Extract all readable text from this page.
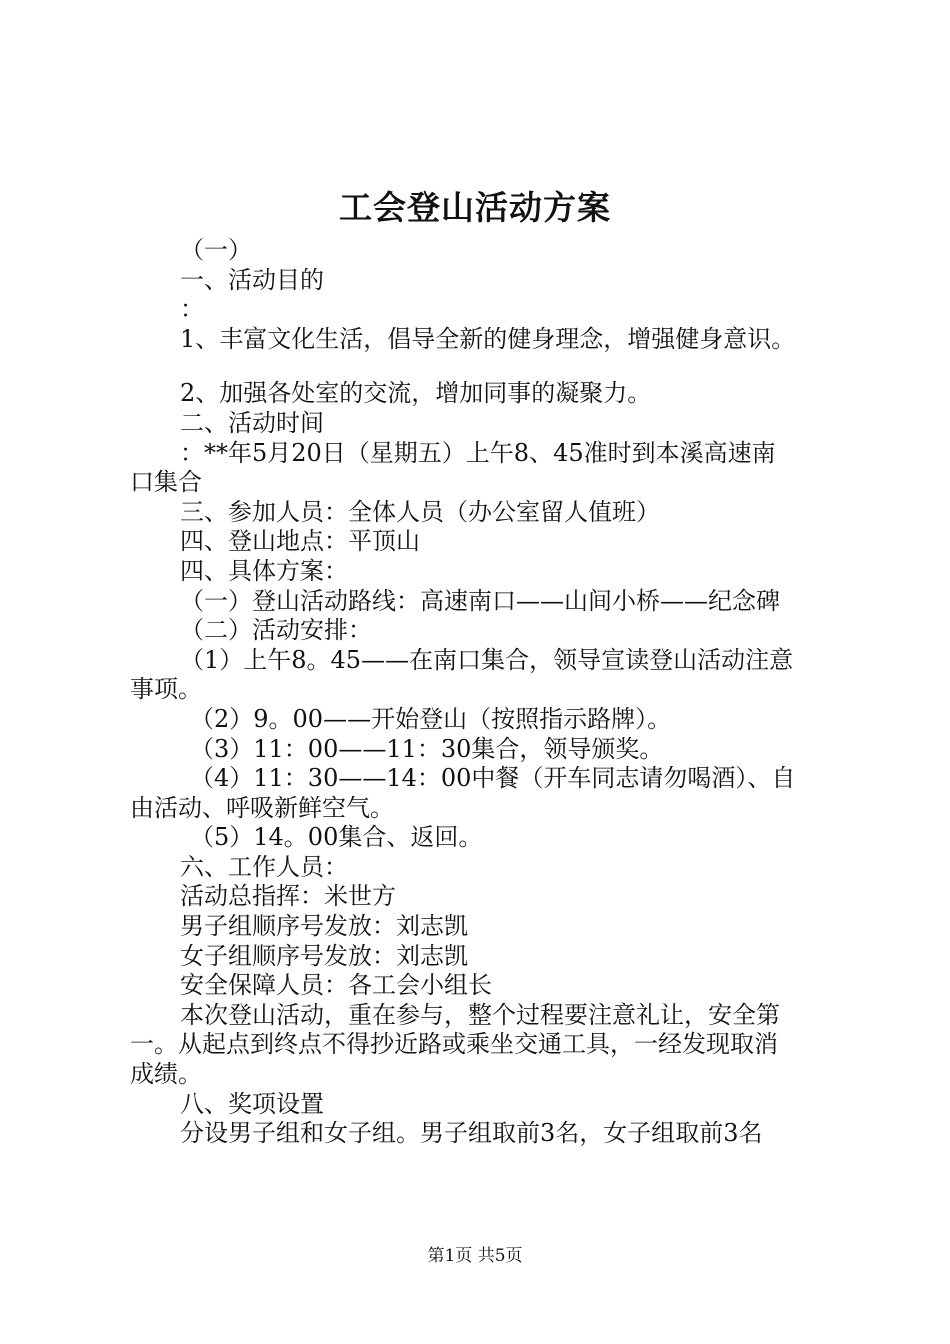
工会登山活动方案
（一）
一、活动目的
：
1、丰富文化生活，倡导全新的健身理念，增强健身意识。
2、加强各处室的交流，增加同事的凝聚力。
二、活动时间
：**年5月20日（星期五）上午8、45准时到本溪高速南
口集合
三、参加人员：全体人员（办公室留人值班）
四、登山地点：平顶山
四、具体方案：
（一）登山活动路线：高速南口——山间小桥——纪念碑
（二）活动安排：
（1）上午8。45——在南口集合，领导宣读登山活动注意
事项。
（2）9。00——开始登山（按照指示路牌）。
（3）11：00——11：30集合，领导颁奖。
（4）11：30——14：00中餐（开车同志请勿喝酒）、自
由活动、呼吸新鲜空气。
（5）14。00集合、返回。
六、工作人员：
活动总指挥：米世方
男子组顺序号发放：刘志凯
女子组顺序号发放：刘志凯
安全保障人员：各工会小组长
本次登山活动，重在参与，整个过程要注意礼让，安全第
一。从起点到终点不得抄近路或乘坐交通工具，一经发现取消
成绩。
八、奖项设置
分设男子组和女子组。男子组取前3名，女子组取前3名
第1页 共5页
